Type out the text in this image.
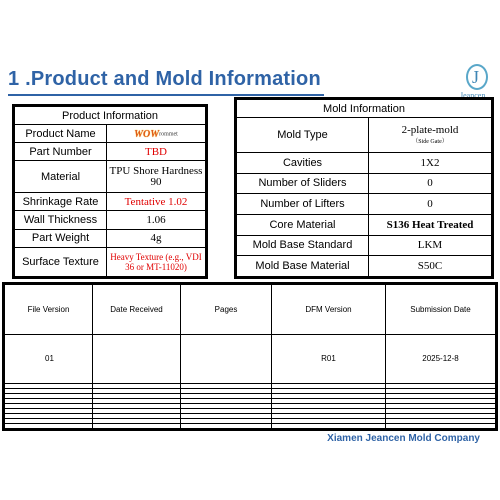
1 .Product and Mold Information	J
Jeancen
Product Information	
Product Name	WOWrommet
Part Number	TBD
Material	TPU Shore Hardness 90
Shrinkage Rate	Tentative 1.02
Wall Thickness	1.06
Part Weight	4g
Surface Texture	Heavy Texture (e.g., VDI 36 or MT-11020)
Mold Information	
Mold Type	2-plate-mold
（Side Gate）

Cavities	1X2
Number of Sliders	0
Number of Lifters	0
Core Material	S136 Heat Treated
Mold Base Standard	LKM
Mold Base Material	S50C
File Version	Date Received	Pages	DFM Version	Submission Date
01			R01	2025-12-8

Xiamen Jeancen Mold Company
